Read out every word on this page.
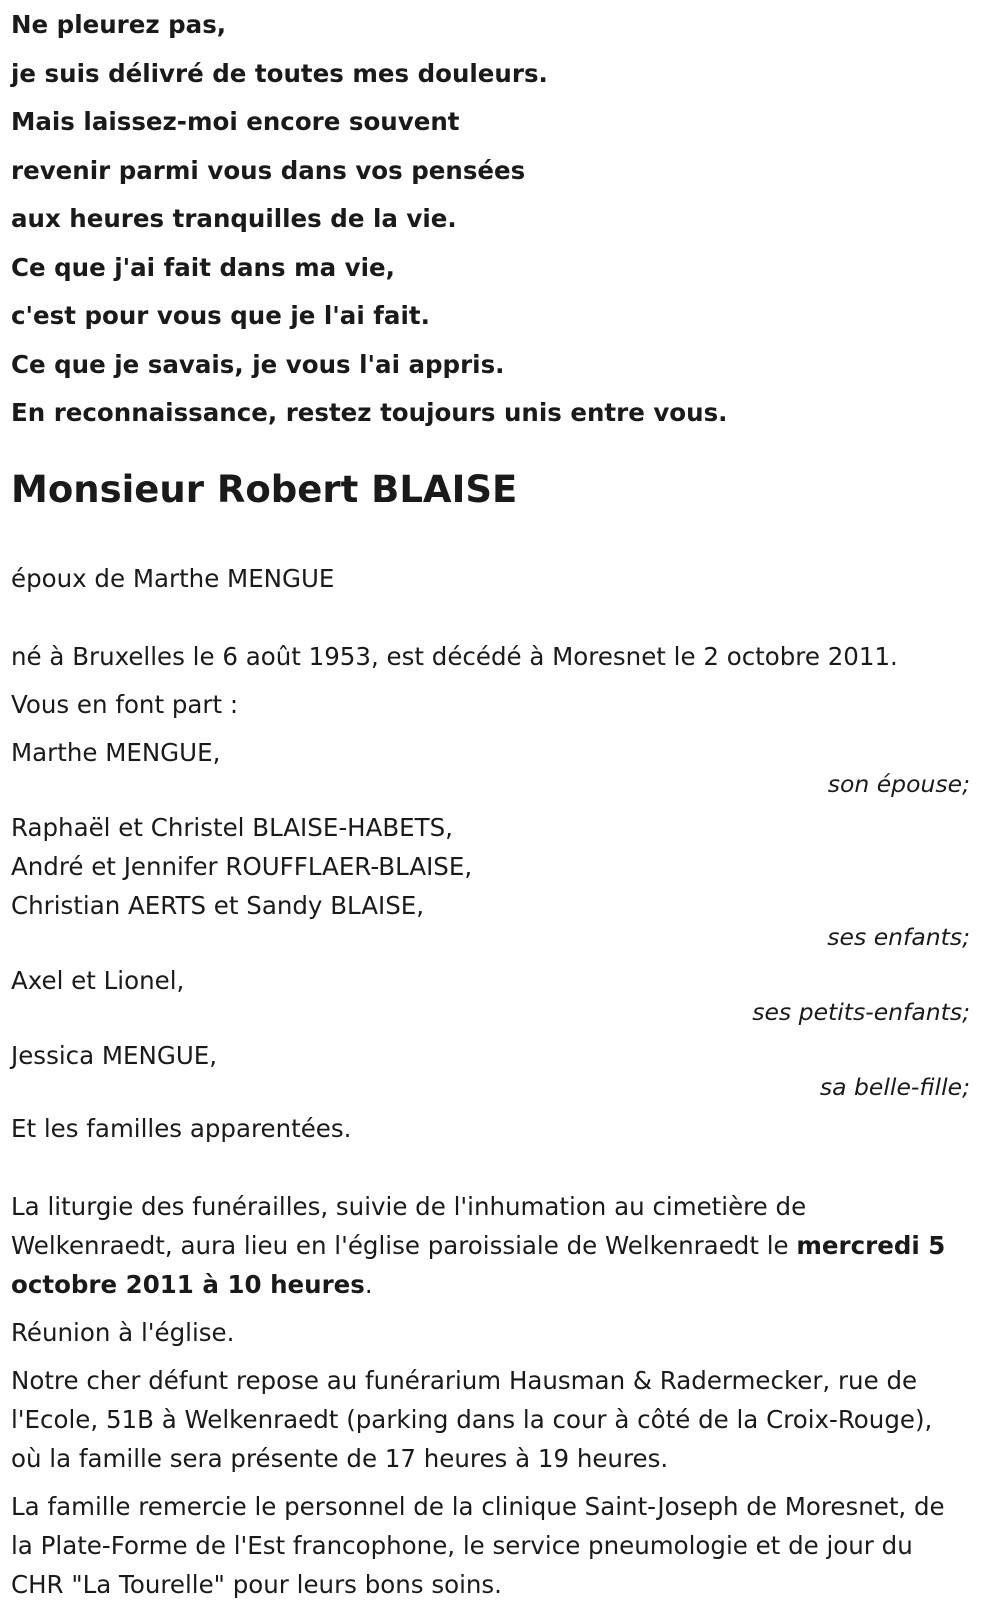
Ne pleurez pas,
je suis délivré de toutes mes douleurs.
Mais laissez-moi encore souvent
revenir parmi vous dans vos pensées
aux heures tranquilles de la vie.
Ce que j'ai fait dans ma vie,
c'est pour vous que je l'ai fait.
Ce que je savais, je vous l'ai appris.
En reconnaissance, restez toujours unis entre vous.
Monsieur Robert BLAISE
époux de Marthe MENGUE
né à Bruxelles le 6 août 1953, est décédé à Moresnet le 2 octobre 2011.
Vous en font part :
Marthe MENGUE,
son épouse;
Raphaël et Christel BLAISE-HABETS,
André et Jennifer ROUFFLAER-BLAISE,
Christian AERTS et Sandy BLAISE,
ses enfants;
Axel et Lionel,
ses petits-enfants;
Jessica MENGUE,
sa belle-fille;
Et les familles apparentées.
La liturgie des funérailles, suivie de l'inhumation au cimetière de Welkenraedt, aura lieu en l'église paroissiale de Welkenraedt le mercredi 5 octobre 2011 à 10 heures.
Réunion à l'église.
Notre cher défunt repose au funérarium Hausman & Radermecker, rue de l'Ecole, 51B à Welkenraedt (parking dans la cour à côté de la Croix-Rouge), où la famille sera présente de 17 heures à 19 heures.
La famille remercie le personnel de la clinique Saint-Joseph de Moresnet, de la Plate-Forme de l'Est francophone, le service pneumologie et de jour du CHR "La Tourelle" pour leurs bons soins.
